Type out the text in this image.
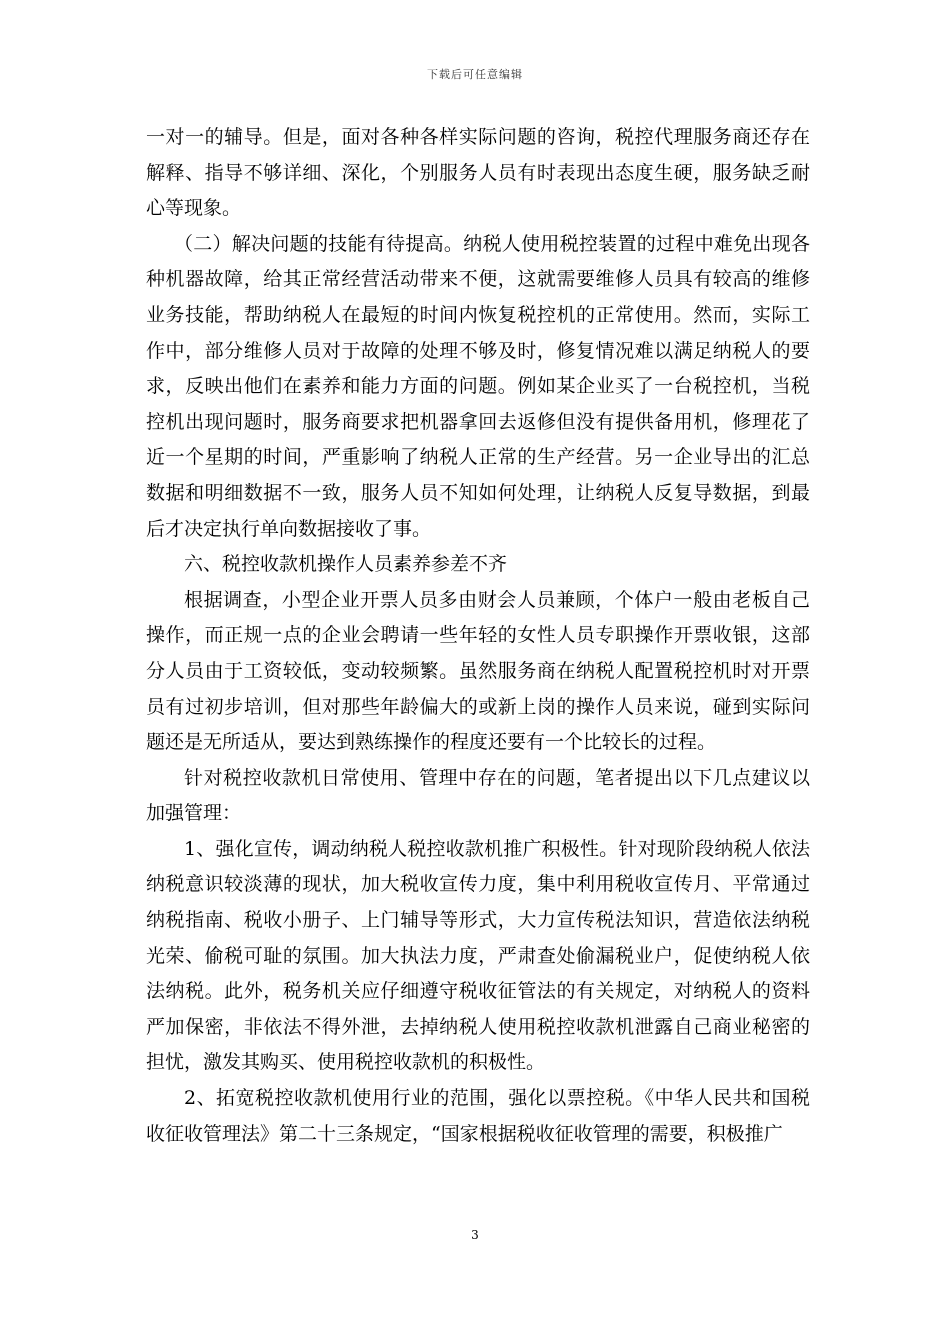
下载后可任意编辑

一对一的辅导。但是，面对各种各样实际问题的咨询，税控代理服务商还存在解释、指导不够详细、深化，个别服务人员有时表现出态度生硬，服务缺乏耐心等现象。

（二）解决问题的技能有待提高。纳税人使用税控装置的过程中难免出现各种机器故障，给其正常经营活动带来不便，这就需要维修人员具有较高的维修业务技能，帮助纳税人在最短的时间内恢复税控机的正常使用。然而，实际工作中，部分维修人员对于故障的处理不够及时，修复情况难以满足纳税人的要求，反映出他们在素养和能力方面的问题。例如某企业买了一台税控机，当税控机出现问题时，服务商要求把机器拿回去返修但没有提供备用机，修理花了近一个星期的时间，严重影响了纳税人正常的生产经营。另一企业导出的汇总数据和明细数据不一致，服务人员不知如何处理，让纳税人反复导数据，到最后才决定执行单向数据接收了事。

六、税控收款机操作人员素养参差不齐

根据调查，小型企业开票人员多由财会人员兼顾，个体户一般由老板自己操作，而正规一点的企业会聘请一些年轻的女性人员专职操作开票收银，这部分人员由于工资较低，变动较频繁。虽然服务商在纳税人配置税控机时对开票员有过初步培训，但对那些年龄偏大的或新上岗的操作人员来说，碰到实际问题还是无所适从，要达到熟练操作的程度还要有一个比较长的过程。

针对税控收款机日常使用、管理中存在的问题，笔者提出以下几点建议以加强管理：

1、强化宣传，调动纳税人税控收款机推广积极性。针对现阶段纳税人依法纳税意识较淡薄的现状，加大税收宣传力度，集中利用税收宣传月、平常通过纳税指南、税收小册子、上门辅导等形式，大力宣传税法知识，营造依法纳税光荣、偷税可耻的氛围。加大执法力度，严肃查处偷漏税业户，促使纳税人依法纳税。此外，税务机关应仔细遵守税收征管法的有关规定，对纳税人的资料严加保密，非依法不得外泄，去掉纳税人使用税控收款机泄露自己商业秘密的担忧，激发其购买、使用税控收款机的积极性。

2、拓宽税控收款机使用行业的范围，强化以票控税。《中华人民共和国税收征收管理法》第二十三条规定，“国家根据税收征收管理的需要，积极推广

3
